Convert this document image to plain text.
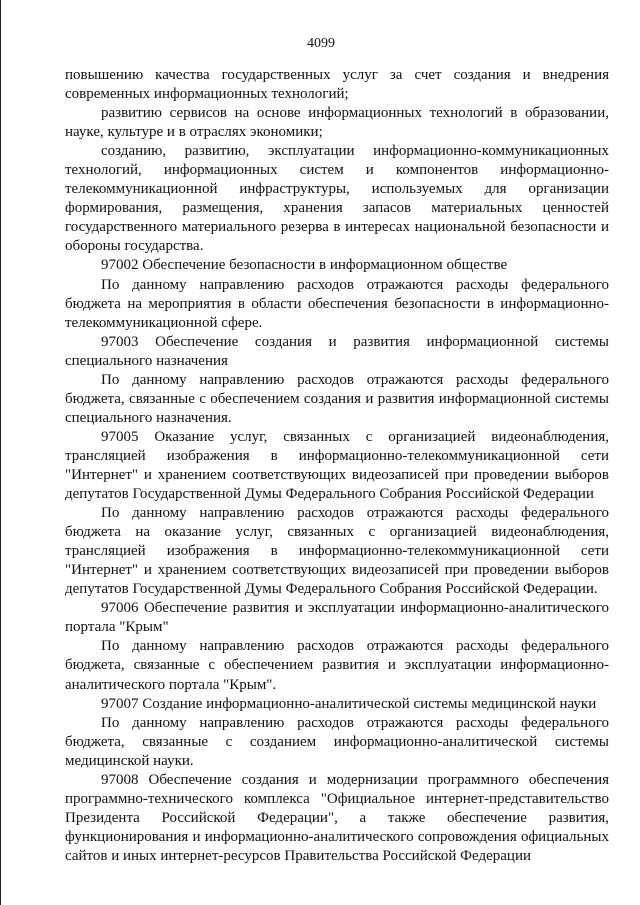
4099

повышению качества государственных услуг за счет создания и внедрения современных информационных технологий;

развитию сервисов на основе информационных технологий в образовании, науке, культуре и в отраслях экономики;

созданию, развитию, эксплуатации информационно-коммуникационных технологий, информационных систем и компонентов информационно-телекоммуникационной инфраструктуры, используемых для организации формирования, размещения, хранения запасов материальных ценностей государственного материального резерва в интересах национальной безопасности и обороны государства.

97002 Обеспечение безопасности в информационном обществе

По данному направлению расходов отражаются расходы федерального бюджета на мероприятия в области обеспечения безопасности в информационно-телекоммуникационной сфере.

97003 Обеспечение создания и развития информационной системы специального назначения

По данному направлению расходов отражаются расходы федерального бюджета, связанные с обеспечением создания и развития информационной системы специального назначения.

97005 Оказание услуг, связанных с организацией видеонаблюдения, трансляцией изображения в информационно-телекоммуникационной сети "Интернет" и хранением соответствующих видеозаписей при проведении выборов депутатов Государственной Думы Федерального Собрания Российской Федерации

По данному направлению расходов отражаются расходы федерального бюджета на оказание услуг, связанных с организацией видеонаблюдения, трансляцией изображения в информационно-телекоммуникационной сети "Интернет" и хранением соответствующих видеозаписей при проведении выборов депутатов Государственной Думы Федерального Собрания Российской Федерации.

97006 Обеспечение развития и эксплуатации информационно-аналитического портала "Крым"

По данному направлению расходов отражаются расходы федерального бюджета, связанные с обеспечением развития и эксплуатации информационно-аналитического портала "Крым".

97007 Создание информационно-аналитической системы медицинской науки

По данному направлению расходов отражаются расходы федерального бюджета, связанные с созданием информационно-аналитической системы медицинской науки.

97008 Обеспечение создания и модернизации программного обеспечения программно-технического комплекса "Официальное интернет-представительство Президента Российской Федерации", а также обеспечение развития, функционирования и информационно-аналитического сопровождения официальных сайтов и иных интернет-ресурсов Правительства Российской Федерации
